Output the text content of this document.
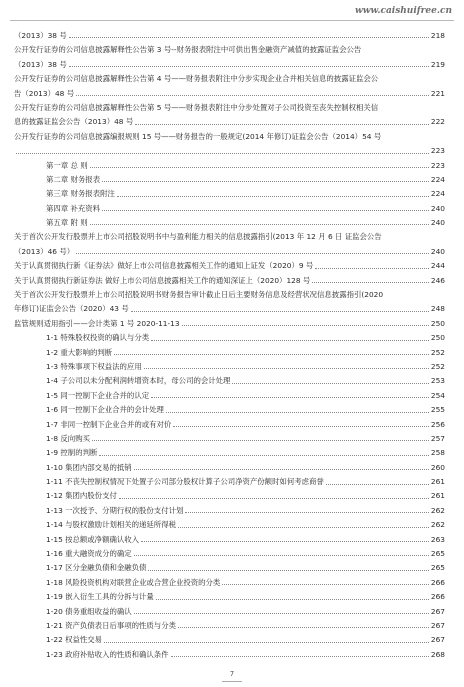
www.caishuifree.cn
（2013）38 号	218
公开发行证券的公司信息披露解释性公告第 3 号--财务报表附注中可供出售金融资产减值的披露证监会公告
（2013）38 号	219
公开发行证券的公司信息披露解释性公告第 4 号——财务报表附注中分步实现企业合并相关信息的披露证监会公
告（2013）48 号	221
公开发行证券的公司信息披露解释性公告第 5 号——财务报表附注中分步处置对子公司投资至丧失控制权相关信
息的披露证监会公告（2013）48 号	222
公开发行证券的公司信息披露编报规则 15 号——财务报告的一般规定(2014 年修订)证监会公告（2014）54 号
223
第一章 总 则	223
第二章 财务报表	224
第三章 财务报表附注	224
第四章 补充资料	240
第五章 附 则	240
关于首次公开发行股票并上市公司招股说明书中与盈利能力相关的信息披露指引(2013 年 12 月 6 日 证监会公告
（2013）46 号）	240
关于认真贯彻执行新《证券法》做好上市公司信息披露相关工作的通知上证发（2020）9 号	244
关于认真贯彻执行新证券法 做好上市公司信息披露相关工作的通知深证上（2020）128 号	246
关于首次公开发行股票并上市公司招股说明书财务报告审计截止日后主要财务信息及经营状况信息披露指引(2020
年修订)证监会公告（2020）43 号	248
监管规则适用指引——会计类第 1 号 2020-11-13	250
1-1 特殊股权投资的确认与分类	250
1-2 重大影响的判断	252
1-3 特殊事项下权益法的应用	252
1-4 子公司以未分配利润转增资本时，母公司的会计处理	253
1-5 同一控制下企业合并的认定	254
1-6 同一控制下企业合并的会计处理	255
1-7 非同一控制下企业合并的或有对价	256
1-8 反向购买	257
1-9 控制的判断	258
1-10 集团内部交易的抵销	260
1-11 不丧失控制权情况下处置子公司部分股权计算子公司净资产份额时如何考虑商誉	261
1-12 集团内股份支付	261
1-13 一次授予、分期行权的股份支付计划	262
1-14 与股权激励计划相关的递延所得税	262
1-15 按总额或净额确认收入	263
1-16 重大融资成分的确定	265
1-17 区分金融负债和金融负债	265
1-18 风险投资机构对联营企业或合营企业投资的分类	266
1-19 嵌入衍生工具的分拆与计量	266
1-20 债务重组收益的确认	267
1-21 资产负债表日后事项的性质与分类	267
1-22 权益性交易	267
1-23 政府补贴收入的性质和确认条件	268
7
